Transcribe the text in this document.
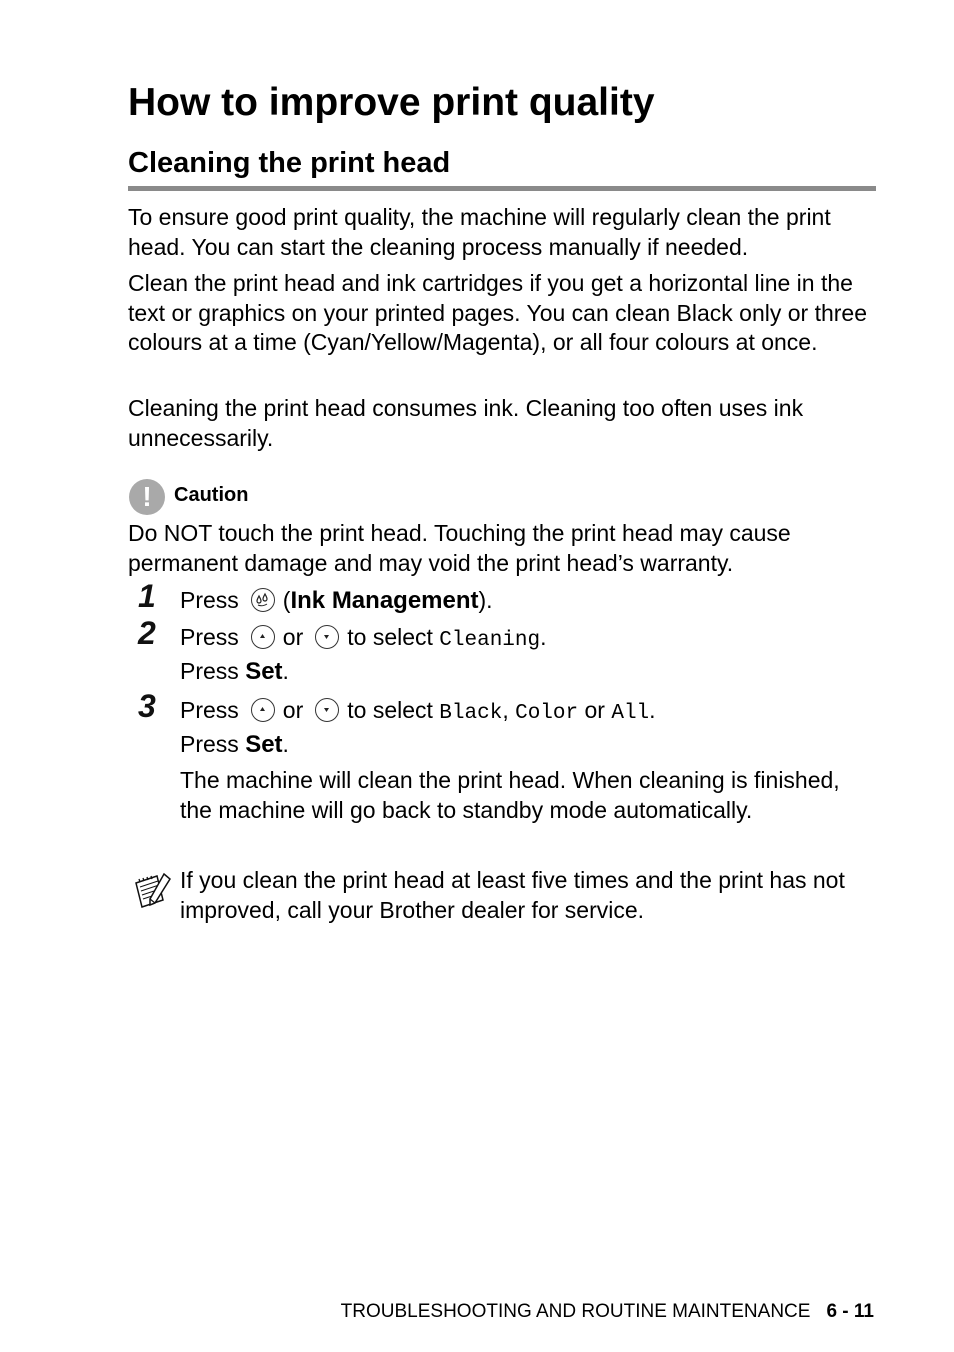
How to improve print quality
Cleaning the print head

To ensure good print quality, the machine will regularly clean the print head. You can start the cleaning process manually if needed.

Clean the print head and ink cartridges if you get a horizontal line in the text or graphics on your printed pages. You can clean Black only or three colours at a time (Cyan/Yellow/Magenta), or all four colours at once.

Cleaning the print head consumes ink. Cleaning too often uses ink unnecessarily.

!	Caution

Do NOT touch the print head. Touching the print head may cause permanent damage and may void the print head’s warranty.

1 Press (Ink Management).
2 Press or to select Cleaning.
Press Set.
3 Press or to select Black, Color or All.
Press Set.

The machine will clean the print head. When cleaning is finished, the machine will go back to standby mode automatically.

If you clean the print head at least five times and the print has not improved, call your Brother dealer for service.

TROUBLESHOOTING AND ROUTINE MAINTENANCE 6 - 11
